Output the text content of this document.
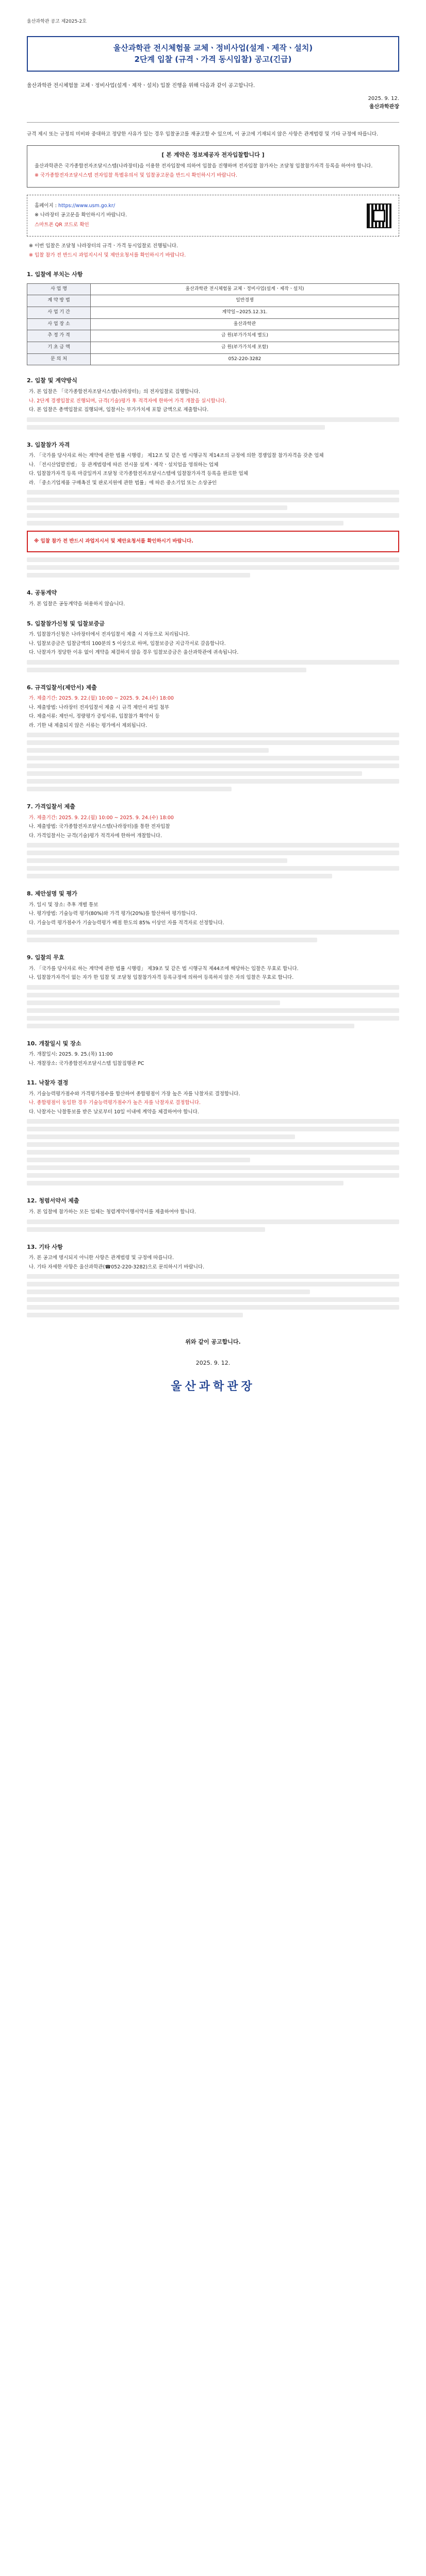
울산과학관 공고 제2025-2호
울산과학관 전시체험물 교체ㆍ정비사업(설계ㆍ제작ㆍ설치)
2단계 입찰 (규격ㆍ가격 동시입찰) 공고(긴급)
울산과학관 전시체험물 교체ㆍ정비사업(설계ㆍ제작ㆍ설치) 입찰 진행을 위해 다음과 같이 공고합니다.
2025. 9. 12.
울산과학관장

규격 제시 또는 규정의 미비와 중대하고 정당한 사유가 있는 경우 입찰공고를 재공고할 수 있으며, 이 공고에 기재되지 않은 사항은 관계법령 및 기타 규정에 따릅니다.

[ 본 계약은 정보제공자 전자입찰합니다 ]

울산과학관은 국가종합전자조달시스템(나라장터)을 이용한 전자입찰에 의하여 입찰을 진행하며 전자입찰 참가자는 조달청 입찰참가자격 등록을 하여야 합니다.

※ 국가종합전자조달시스템 전자입찰 특별유의서 및 입찰공고문을 반드시 확인하시기 바랍니다.

홈페이지 : https://www.usm.go.kr/

※ 나라장터 공고문을 확인하시기 바랍니다.

스마트폰 QR 코드로 확인

※ 이번 입찰은 조달청 나라장터의 규격ㆍ가격 동시입찰로 진행됩니다.

※ 입찰 참가 전 반드시 과업지시서 및 제안요청서를 확인하시기 바랍니다.

1. 입찰에 부치는 사항
사 업 명	울산과학관 전시체험물 교체ㆍ정비사업(설계ㆍ제작ㆍ설치)
계 약 방 법	일반경쟁
사 업 기 간	계약일~2025.12.31.
사 업 장 소	울산과학관
추 정 가 격	금 원(부가가치세 별도)
기 초 금 액	금 원(부가가치세 포함)
문 의 처	052-220-3282
2. 입찰 및 계약방식

가. 본 입찰은 「국가종합전자조달시스템(나라장터)」의 전자입찰로 집행합니다.

나. 2단계 경쟁입찰로 진행되며, 규격(기술)평가 후 적격자에 한하여 가격 개찰을 실시합니다.

다. 본 입찰은 총액입찰로 집행되며, 입찰서는 부가가치세 포함 금액으로 제출합니다.

3. 입찰참가 자격

가. 「국가를 당사자로 하는 계약에 관한 법률 시행령」 제12조 및 같은 법 시행규칙 제14조의 규정에 의한 경쟁입찰 참가자격을 갖춘 업체

나. 「전시산업발전법」 등 관계법령에 따른 전시물 설계ㆍ제작ㆍ설치업을 영위하는 업체

다. 입찰참가자격 등록 마감일까지 조달청 국가종합전자조달시스템에 입찰참가자격 등록을 완료한 업체

라. 「중소기업제품 구매촉진 및 판로지원에 관한 법률」에 따른 중소기업 또는 소상공인

※ 입찰 참가 전 반드시 과업지시서 및 제안요청서를 확인하시기 바랍니다.

4. 공동계약

가. 본 입찰은 공동계약을 허용하지 않습니다.

5. 입찰참가신청 및 입찰보증금

가. 입찰참가신청은 나라장터에서 전자입찰서 제출 시 자동으로 처리됩니다.

나. 입찰보증금은 입찰금액의 100분의 5 이상으로 하며, 입찰보증금 지급각서로 갈음합니다.

다. 낙찰자가 정당한 이유 없이 계약을 체결하지 않을 경우 입찰보증금은 울산과학관에 귀속됩니다.

6. 규격입찰서(제안서) 제출

가. 제출기간: 2025. 9. 22.(월) 10:00 ~ 2025. 9. 24.(수) 18:00

나. 제출방법: 나라장터 전자입찰서 제출 시 규격 제안서 파일 첨부

다. 제출서류: 제안서, 정량평가 증빙서류, 입찰참가 확약서 등

라. 기한 내 제출되지 않은 서류는 평가에서 제외됩니다.

7. 가격입찰서 제출

가. 제출기간: 2025. 9. 22.(월) 10:00 ~ 2025. 9. 24.(수) 18:00

나. 제출방법: 국가종합전자조달시스템(나라장터)를 통한 전자입찰

다. 가격입찰서는 규격(기술)평가 적격자에 한하여 개찰합니다.

8. 제안설명 및 평가

가. 일시 및 장소: 추후 개별 통보

나. 평가방법: 기술능력 평가(80%)와 가격 평가(20%)를 합산하여 평가합니다.

다. 기술능력 평가점수가 기술능력평가 배점 한도의 85% 이상인 자를 적격자로 선정합니다.

9. 입찰의 무효

가. 「국가를 당사자로 하는 계약에 관한 법률 시행령」 제39조 및 같은 법 시행규칙 제44조에 해당하는 입찰은 무효로 합니다.

나. 입찰참가자격이 없는 자가 한 입찰 및 조달청 입찰참가자격 등록규정에 의하여 등록하지 않은 자의 입찰은 무효로 합니다.

10. 개찰일시 및 장소

가. 개찰일시: 2025. 9. 25.(목) 11:00

나. 개찰장소: 국가종합전자조달시스템 입찰집행관 PC

11. 낙찰자 결정

가. 기술능력평가점수와 가격평가점수를 합산하여 종합평점이 가장 높은 자를 낙찰자로 결정합니다.

나. 종합평점이 동일한 경우 기술능력평가점수가 높은 자를 낙찰자로 결정합니다.

다. 낙찰자는 낙찰통보를 받은 날로부터 10일 이내에 계약을 체결하여야 합니다.

12. 청렴서약서 제출

가. 본 입찰에 참가하는 모든 업체는 청렴계약이행서약서를 제출하여야 합니다.

13. 기타 사항

가. 본 공고에 명시되지 아니한 사항은 관계법령 및 규정에 따릅니다.

나. 기타 자세한 사항은 울산과학관(☎052-220-3282)으로 문의하시기 바랍니다.

위와 같이 공고합니다.
2025. 9. 12.
울산과학관장
